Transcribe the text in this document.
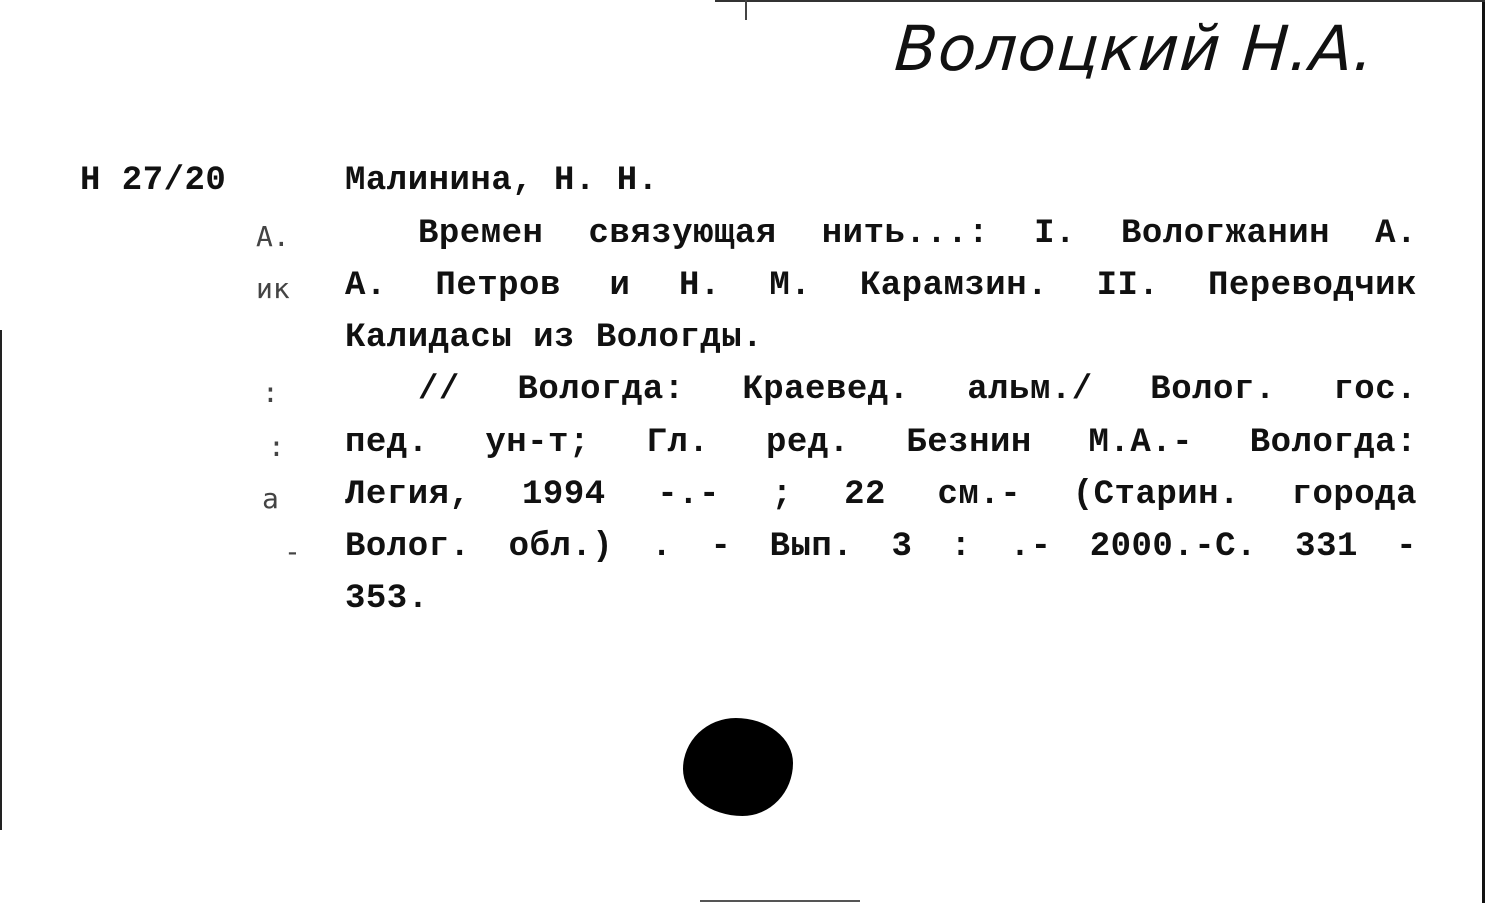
Волоцкий Н.А.
Н 27/20
А.
ик
:
:
а
-
Малинина, Н. Н.
Времен связующая нить...: I. Вологжанин А.
А. Петров и Н. М. Карамзин. II. Переводчик
Калидасы из Вологды.
// Вологда: Краевед. альм./ Волог. гос.
пед. ун-т; Гл. ред. Безнин М.А.- Вологда:
Легия, 1994 -.- ; 22 см.- (Старин. города
Волог. обл.) . - Вып. 3 : .- 2000.-С. 331 -
353.
